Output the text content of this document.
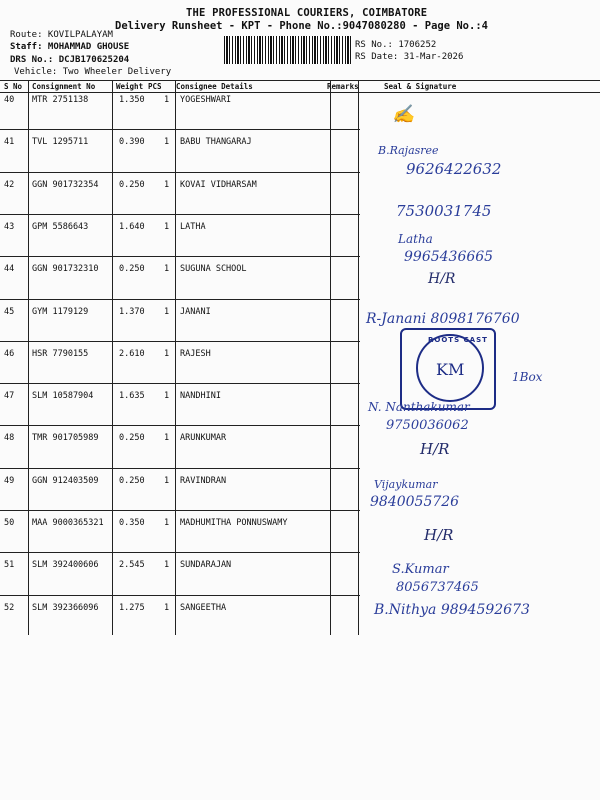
THE PROFESSIONAL COURIERS, COIMBATORE
Delivery Runsheet - KPT - Phone No.:9047080280 - Page No.:4
Route: KOVILPALAYAM
Staff: MOHAMMAD GHOUSE
DRS No.: DCJB170625204
Vehicle: Two Wheeler Delivery
RS No.: 1706252
RS Date: 31-Mar-2026
S No Consignment No	Weight PCS Consignee Details	Remarks	Seal & Signature
40 MTR 2751138	1.350 1 YOGESHWARI
41 TVL 1295711	0.390 1 BABU THANGARAJ
42 GGN 901732354 0.250 1 KOVAI VIDHARSAM
43 GPM 5586643	1.640 1 LATHA
44 GGN 901732310 0.250 1 SUGUNA SCHOOL
45 GYM 1179129	1.370 1 JANANI
46 HSR 7790155	2.610 1 RAJESH
47 SLM 10587904	1.635 1 NANDHINI
48 TMR 901705989 0.250 1 ARUNKUMAR
49 GGN 912403509 0.250 1 RAVINDRAN
50 MAA 9000365321 0.350 1 MADHUMITHA PONNUSWAMY
51 SLM 392400606 2.545 1 SUNDARAJAN
52 SLM 392366096 1.275 1 SANGEETHA
✍
B.Rajasree
9626422632
7530031745
Latha
9965436665
H/R
R-Janani 8098176760
ROOTS CAST
KM	1Box
N. Nanthakumar
9750036062
H/R
Vijaykumar
9840055726
H/R
S.Kumar
8056737465
B.Nithya 9894592673
